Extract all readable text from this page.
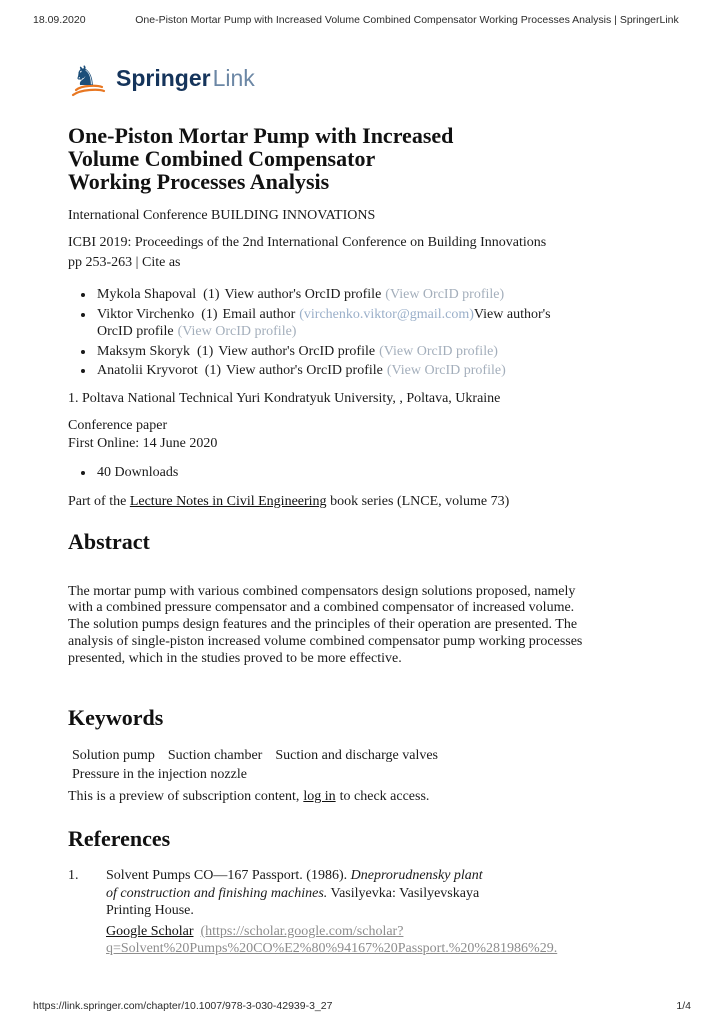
18.09.2020	One-Piston Mortar Pump with Increased Volume Combined Compensator Working Processes Analysis | SpringerLink
♞ Springer Link
One-Piston Mortar Pump with Increased
Volume Combined Compensator
Working Processes Analysis
International Conference BUILDING INNOVATIONS
ICBI 2019: Proceedings of the 2nd International Conference on Building Innovations
pp 253-263 | Cite as
• Mykola Shapoval (1) View author's OrcID profile (View OrcID profile)
• Viktor Virchenko (1) Email author (virchenko.viktor@gmail.com)View author's OrcID profile (View OrcID profile)
• Maksym Skoryk (1) View author's OrcID profile (View OrcID profile)
• Anatolii Kryvorot (1) View author's OrcID profile (View OrcID profile)
1. Poltava National Technical Yuri Kondratyuk University, , Poltava, Ukraine
Conference paper
First Online: 14 June 2020
• 40 Downloads
Part of the Lecture Notes in Civil Engineering book series (LNCE, volume 73)
Abstract
The mortar pump with various combined compensators design solutions proposed, namely with a combined pressure compensator and a combined compensator of increased volume. The solution pumps design features and the principles of their operation are presented. The analysis of single-piston increased volume combined compensator pump working processes presented, which in the studies proved to be more effective.
Keywords
Solution pump Suction chamber Suction and discharge valvesPressure in the injection nozzle
This is a preview of subscription content, log in to check access.
References
1.	Solvent Pumps CO—167 Passport. (1986). Dneprorudnensky plant of construction and finishing machines. Vasilyevka: Vasilyevskaya Printing House.
Google Scholar (https://scholar.google.com/scholar?
q=Solvent%20Pumps%20CO%E2%80%94167%20Passport.%20%281986%29.
https://link.springer.com/chapter/10.1007/978-3-030-42939-3_27	1/4
